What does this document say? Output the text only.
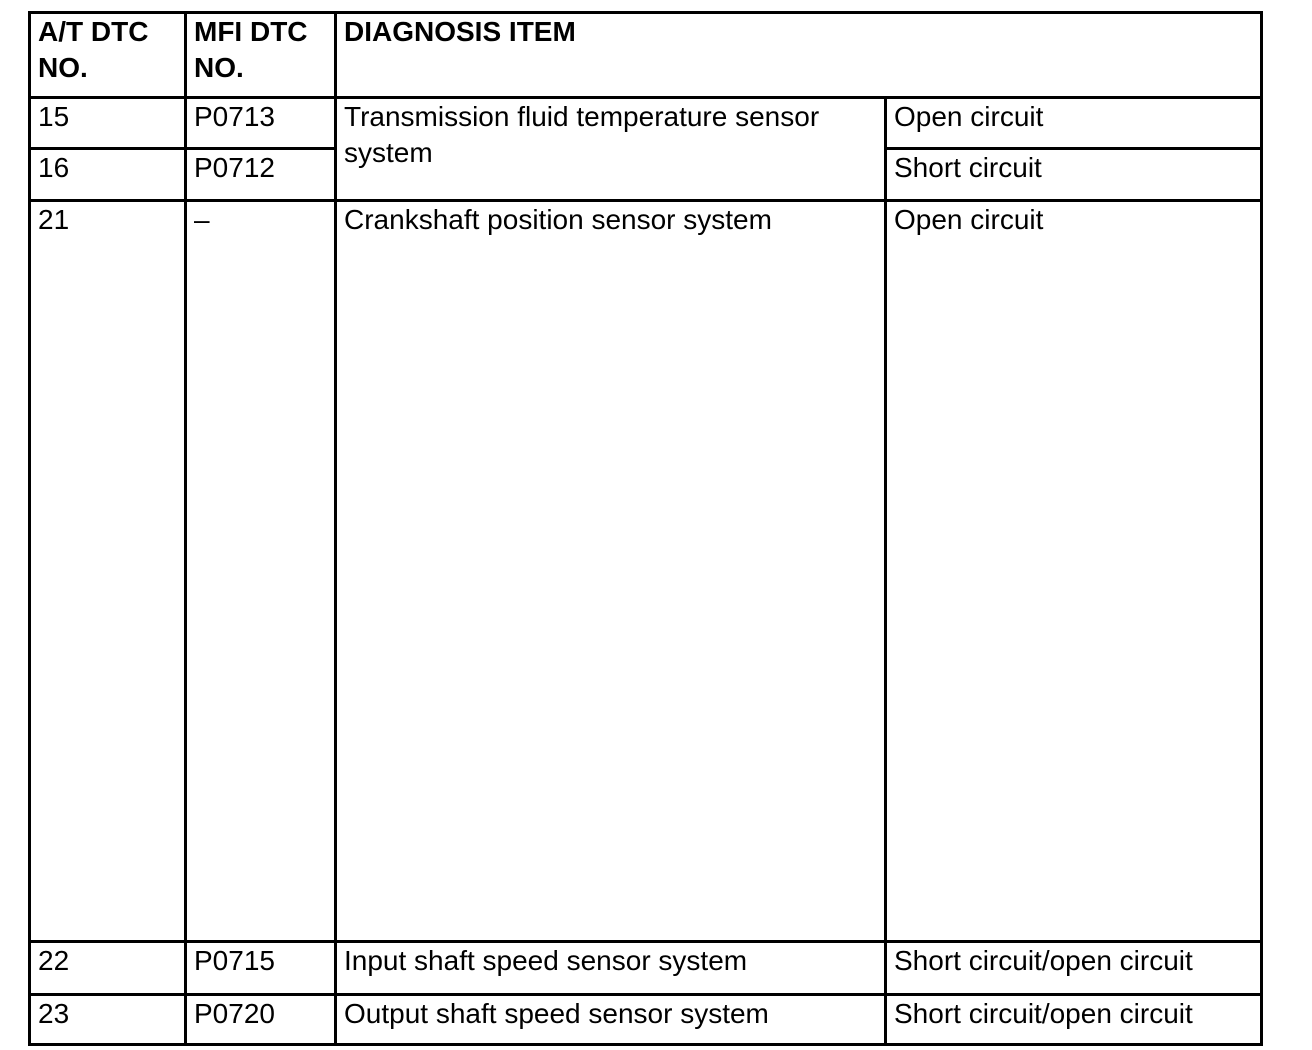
A/T DTC NO.	MFI DTC NO.	DIAGNOSIS ITEM	
15	P0713	Transmission fluid temperature sensor system	Open circuit
16	P0712		Short circuit
21	–	Crankshaft position sensor system	Open circuit
22	P0715	Input shaft speed sensor system	Short circuit/open circuit
23	P0720	Output shaft speed sensor system	Short circuit/open circuit
